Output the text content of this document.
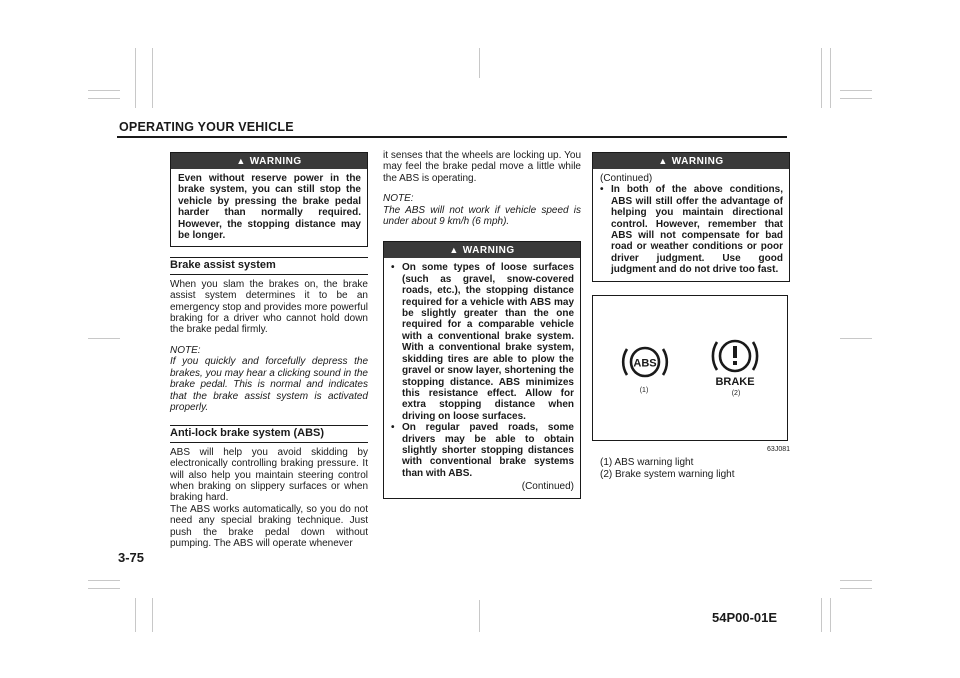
OPERATING YOUR VEHICLE
▲ WARNING

Even without reserve power in the brake system, you can still stop the vehicle by pressing the brake pedal harder than normally required. However, the stopping distance may be longer.

Brake assist system

When you slam the brakes on, the brake assist system determines it to be an emergency stop and provides more powerful braking for a driver who cannot hold down the brake pedal firmly.

NOTE:
If you quickly and forcefully depress the brakes, you may hear a clicking sound in the brake pedal. This is normal and indicates that the brake assist system is activated properly.
Anti-lock brake system (ABS)

ABS will help you avoid skidding by electronically controlling braking pressure. It will also help you maintain steering control when braking on slippery surfaces or when braking hard.

The ABS works automatically, so you do not need any special braking technique. Just push the brake pedal down without pumping. The ABS will operate whenever

it senses that the wheels are locking up. You may feel the brake pedal move a little while the ABS is operating.

NOTE:
The ABS will not work if vehicle speed is under about 9 km/h (6 mph).
▲ WARNING
• On some types of loose surfaces (such as gravel, snow-covered roads, etc.), the stopping distance required for a vehicle with ABS may be slightly greater than the one required for a comparable vehicle with a conventional brake system. With a conventional brake system, skidding tires are able to plow the gravel or snow layer, shortening the stopping distance. ABS minimizes this resistance effect. Allow for extra stopping distance when driving on loose surfaces.
• On regular paved roads, some drivers may be able to obtain slightly shorter stopping distances with conventional brake systems than with ABS.
(Continued)
▲ WARNING
(Continued)
• In both of the above conditions, ABS will still offer the advantage of helping you maintain directional control. However, remember that ABS will not compensate for bad road or weather conditions or poor driver judgment. Use good judgment and do not drive too fast.
ABS
(1)
BRAKE
(2)
63J081
(1) ABS warning light
(2) Brake system warning light
3-75
54P00-01E
